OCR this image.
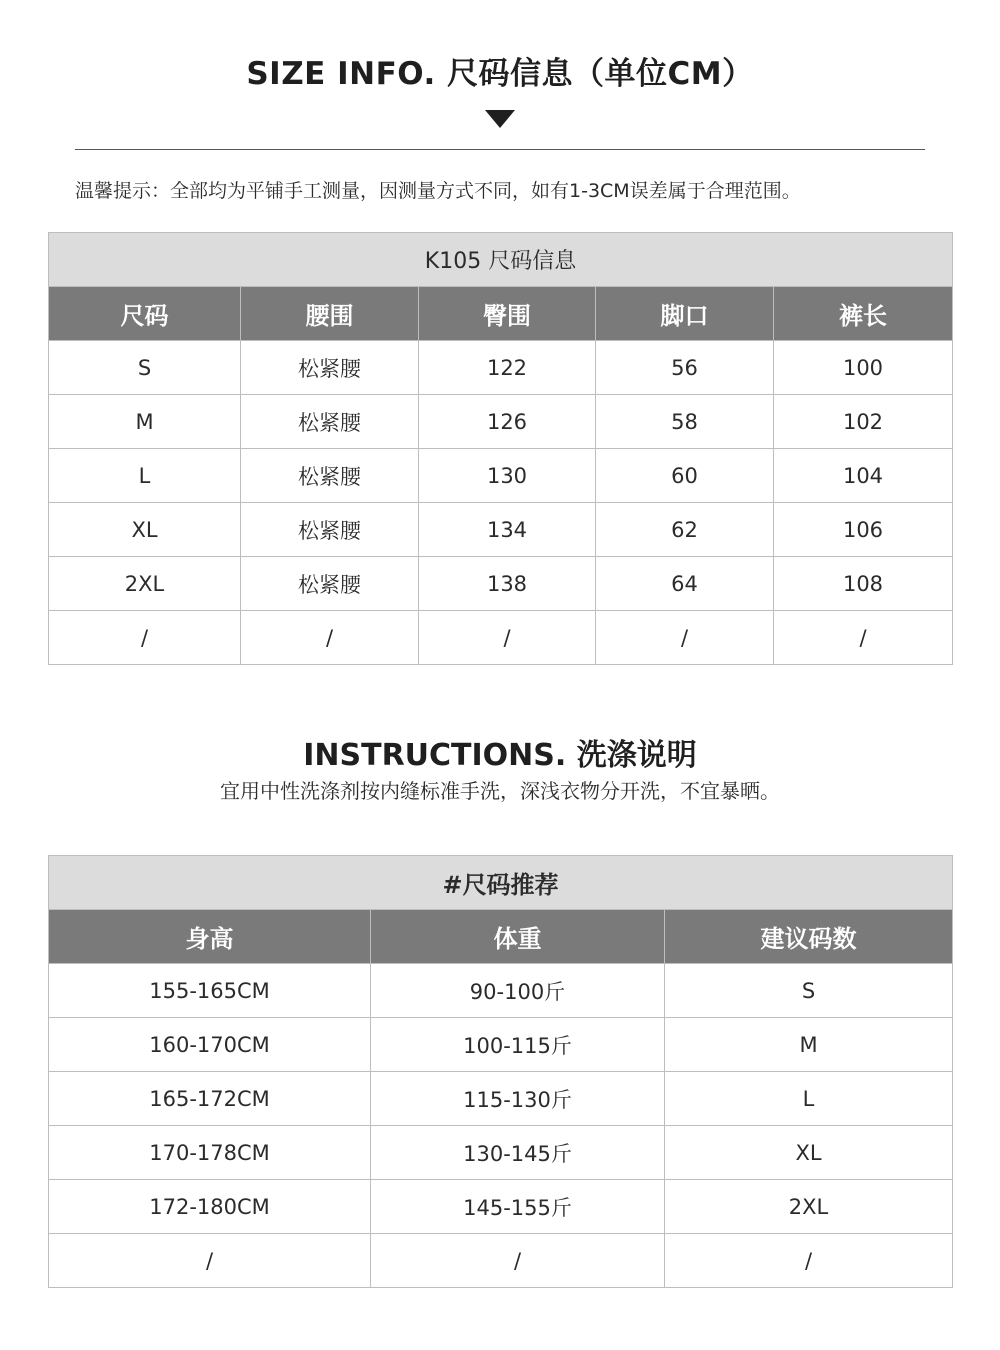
SIZE INFO. 尺码信息（单位CM）
温馨提示：全部均为平铺手工测量，因测量方式不同，如有1-3CM误差属于合理范围。
K105 尺码信息				
尺码	腰围	臀围	脚口	裤长
S	松紧腰	122	56	100
M	松紧腰	126	58	102
L	松紧腰	130	60	104
XL	松紧腰	134	62	106
2XL	松紧腰	138	64	108
/	/	/	/	/
INSTRUCTIONS. 洗涤说明
宜用中性洗涤剂按内缝标准手洗，深浅衣物分开洗，不宜暴晒。
#尺码推荐		
身高	体重	建议码数
155-165CM	90-100斤	S
160-170CM	100-115斤	M
165-172CM	115-130斤	L
170-178CM	130-145斤	XL
172-180CM	145-155斤	2XL
/	/	/
